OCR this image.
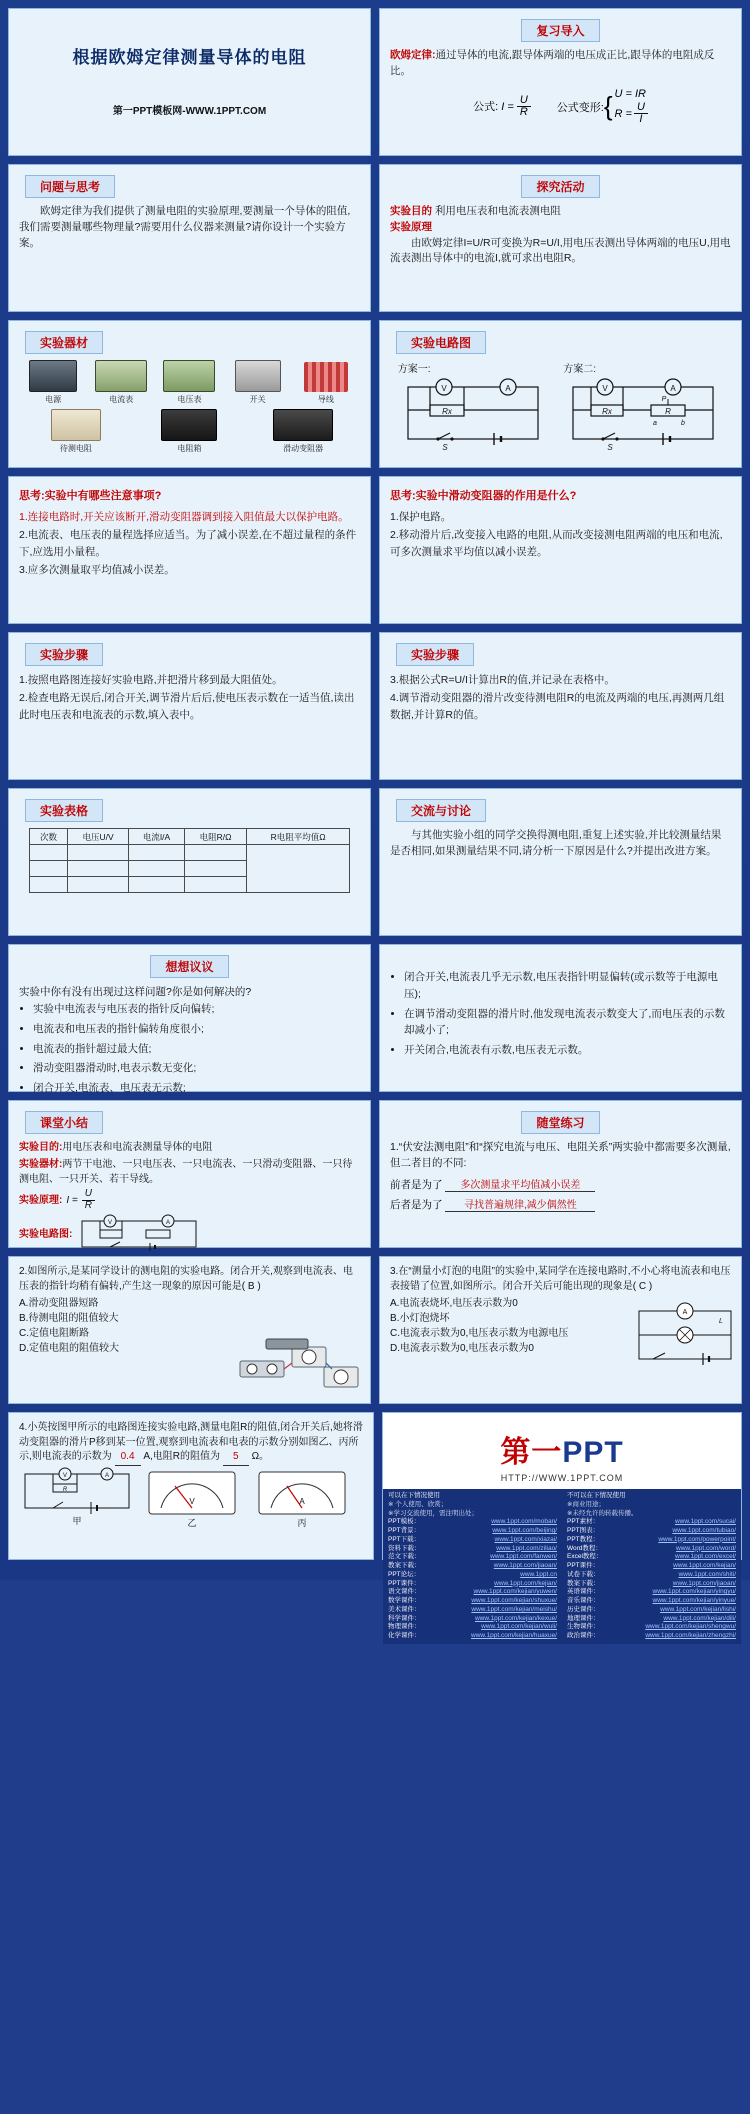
根据欧姆定律测量导体的电阻
第一PPT模板网-WWW.1PPT.COM
复习导入
欧姆定律:通过导体的电流,跟导体两端的电压成正比,跟导体的电阻成反比。
公式: $I = \frac{U}{R}$ 公式变形: { U = IR
$R = \frac{U}{I}$
问题与思考
欧姆定律为我们提供了测量电阻的实验原理,要测量一个导体的阻值,我们需要测量哪些物理量?需要用什么仪器来测量?请你设计一个实验方案。
探究活动
实验目的 利用电压表和电流表测电阻
实验原理
由欧姆定律I=U/R可变换为R=U/I,用电压表测出导体两端的电压U,用电流表测出导体中的电流I,就可求出电阻R。
实验器材
电源	电流表	电压表	开关	导线
待测电阻	电阻箱	滑动变阻器
实验电路图
方案一:
V
Rx
A
S
方案二:
V	A
Rx	R
P
a	b
S
思考:实验中有哪些注意事项?
1.连接电路时,开关应该断开,滑动变阻器调到接入阻值最大以保护电路。
2.电流表、电压表的量程选择应适当。为了减小误差,在不超过量程的条件下,应选用小量程。
3.应多次测量取平均值减小误差。
思考:实验中滑动变阻器的作用是什么?
1.保护电路。
2.移动滑片后,改变接入电路的电阻,从而改变接测电阻两端的电压和电流,可多次测量求平均值以减小误差。
实验步骤
1.按照电路图连接好实验电路,并把滑片移到最大阻值处。
2.检查电路无误后,闭合开关,调节滑片后后,使电压表示数在一适当值,读出此时电压表和电流表的示数,填入表中。
实验步骤
3.根据公式R=U/I计算出R的值,并记录在表格中。
4.调节滑动变阻器的滑片改变待测电阻R的电流及两端的电压,再测两几组数据,并计算R的值。
实验表格
次数	电压U/V	电流I/A	电阻R/Ω	R电阻平均值Ω

交流与讨论
与其他实验小组的同学交换得测电阻,重复上述实验,并比较测量结果是否相同,如果测量结果不同,请分析一下原因是什么?并提出改进方案。
想想议议
实验中你有没有出现过这样问题?你是如何解决的?
• 实验中电流表与电压表的指针反向偏转;
• 电流表和电压表的指针偏转角度很小;
• 电流表的指针超过最大值;
• 滑动变阻器滑动时,电表示数无变化;
• 闭合开关,电流表、电压表无示数;
• 闭合开关,电流表几乎无示数,电压表指针明显偏转(或示数等于电源电压);
• 在调节滑动变阻器的滑片时,他发现电流表示数变大了,而电压表的示数却减小了;
• 开关闭合,电流表有示数,电压表无示数。
课堂小结
实验目的:用电压表和电流表测量导体的电阻
实验器材:两节干电池、一只电压表、一只电流表、一只滑动变阻器、一只待测电阻、一只开关、若干导线。
实验原理: $I = \frac{U}{R}$
实验电路图:
V	A
随堂练习
1.“伏安法测电阻”和“探究电流与电压、电阻关系”两实验中都需要多次测量,但二者目的不同:
前者是为了 多次测量求平均值减小误差
后者是为了 寻找普遍规律,减少偶然性
2.如图所示,是某同学设计的测电阻的实验电路。闭合开关,观察到电流表、电压表的指针均稍有偏转,产生这一现象的原因可能是( B )
A.滑动变阻器短路
B.待测电阻的阻值较大
C.定值电阻断路
D.定值电阻的阻值较大
3.在“测量小灯泡的电阻”的实验中,某同学在连接电路时,不小心将电流表和电压表接错了位置,如图所示。闭合开关后可能出现的现象是( C )
A.电流表烧坏,电压表示数为0
B.小灯泡烧坏
C.电流表示数为0,电压表示数为电源电压
D.电流表示数为0,电压表示数为0
A
L
4.小英按图甲所示的电路图连接实验电路,测量电阻R的阻值,闭合开关后,她将滑动变阻器的滑片P移到某一位置,观察到电流表和电表的示数分别如图乙、丙所示,则电流表的示数为 0.4 A,电阻R的阻值为 5 Ω。
V
R
A
甲
V
乙
A
丙
第一PPT
HTTP://WWW.1PPT.COM
可以在下情况使用
※ 个人使用、欣赏；
※学习交流使用，需注明出处；
PPT模板：	www.1ppt.com/moban/
PPT背景：	www.1ppt.com/beijing/
PPT下载：	www.1ppt.com/xiazai/
资料下载：	www.1ppt.com/ziliao/
范文下载：	www.1ppt.com/fanwen/
教案下载：	www.1ppt.com/jiaoan/
PPT论坛：	www.1ppt.cn
PPT课件：	www.1ppt.com/kejian/
语文课件：	www.1ppt.com/kejian/yuwen/
数学课件：	www.1ppt.com/kejian/shuxue/
美术课件：	www.1ppt.com/kejian/meishu/
科学课件：	www.1ppt.com/kejian/kexue/
物理课件：	www.1ppt.com/kejian/wuli/
化学课件：	www.1ppt.com/kejian/huaxue/
不可以在下情况使用
※商业用途；
※未经允许的转载传播。
PPT素材：	www.1ppt.com/sucai/
PPT图表：	www.1ppt.com/tubiao/
PPT教程：	www.1ppt.com/powerpoint/
Word教程：	www.1ppt.com/word/
Excel教程：	www.1ppt.com/excel/
PPT课件：	www.1ppt.com/kejian/
试卷下载：	www.1ppt.com/shiti/
教案下载：	www.1ppt.com/jiaoan/
英语课件：	www.1ppt.com/kejian/yingyu/
音乐课件：	www.1ppt.com/kejian/yinyue/
历史课件：	www.1ppt.com/kejian/lishi/
地理课件：	www.1ppt.com/kejian/dili/
生物课件：	www.1ppt.com/kejian/shengwu/
政治课件：	www.1ppt.com/kejian/zhengzhi/
